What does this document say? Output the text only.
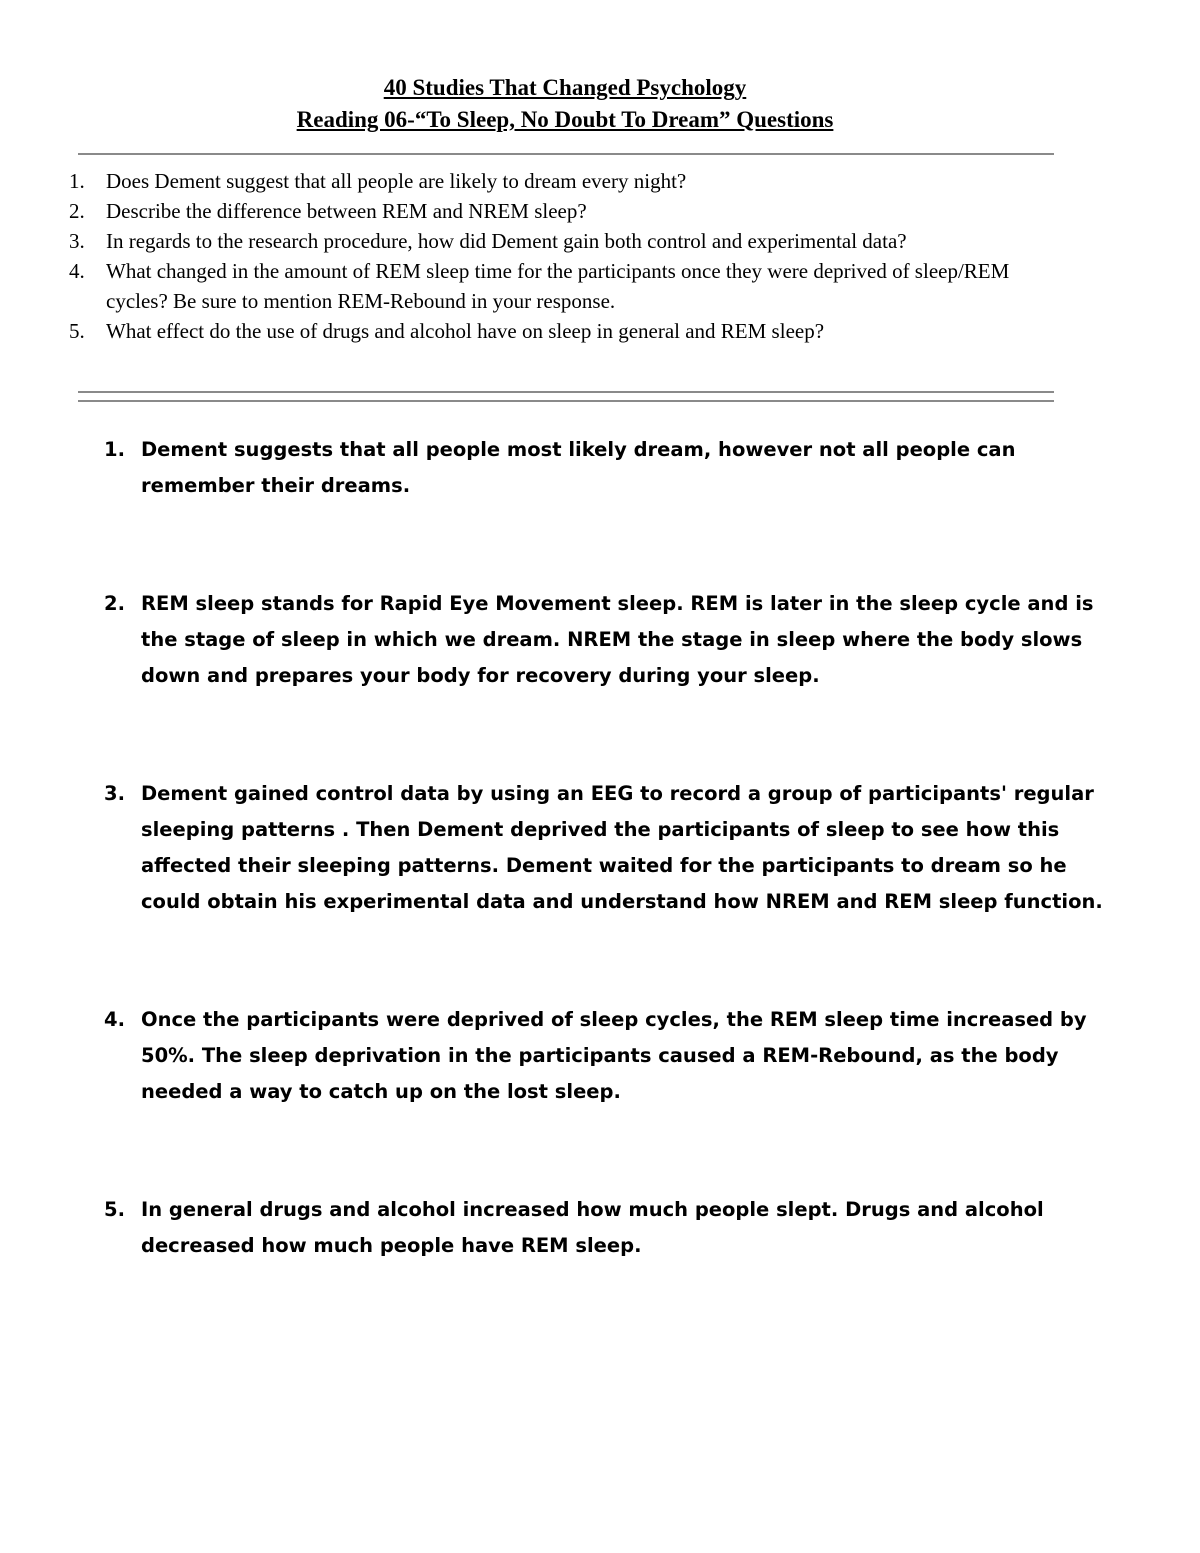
40 Studies That Changed Psychology
Reading 06-“To Sleep, No Doubt To Dream” Questions
1.	Does Dement suggest that all people are likely to dream every night?
2.	Describe the difference between REM and NREM sleep?
3.	In regards to the research procedure, how did Dement gain both control and experimental data?
4.	What changed in the amount of REM sleep time for the participants once they were deprived of sleep/REM cycles? Be sure to mention REM-Rebound in your response.
5.	What effect do the use of drugs and alcohol have on sleep in general and REM sleep?
1. Dement suggests that all people most likely dream, however not all people can remember their dreams.
2. REM sleep stands for Rapid Eye Movement sleep. REM is later in the sleep cycle and is the stage of sleep in which we dream. NREM the stage in sleep where the body slows down and prepares your body for recovery during your sleep.
3. Dement gained control data by using an EEG to record a group of participants' regular sleeping patterns . Then Dement deprived the participants of sleep to see how this affected their sleeping patterns. Dement waited for the participants to dream so he could obtain his experimental data and understand how NREM and REM sleep function.
4. Once the participants were deprived of sleep cycles, the REM sleep time increased by 50%. The sleep deprivation in the participants caused a REM-Rebound, as the body needed a way to catch up on the lost sleep.
5. In general drugs and alcohol increased how much people slept. Drugs and alcohol decreased how much people have REM sleep.
